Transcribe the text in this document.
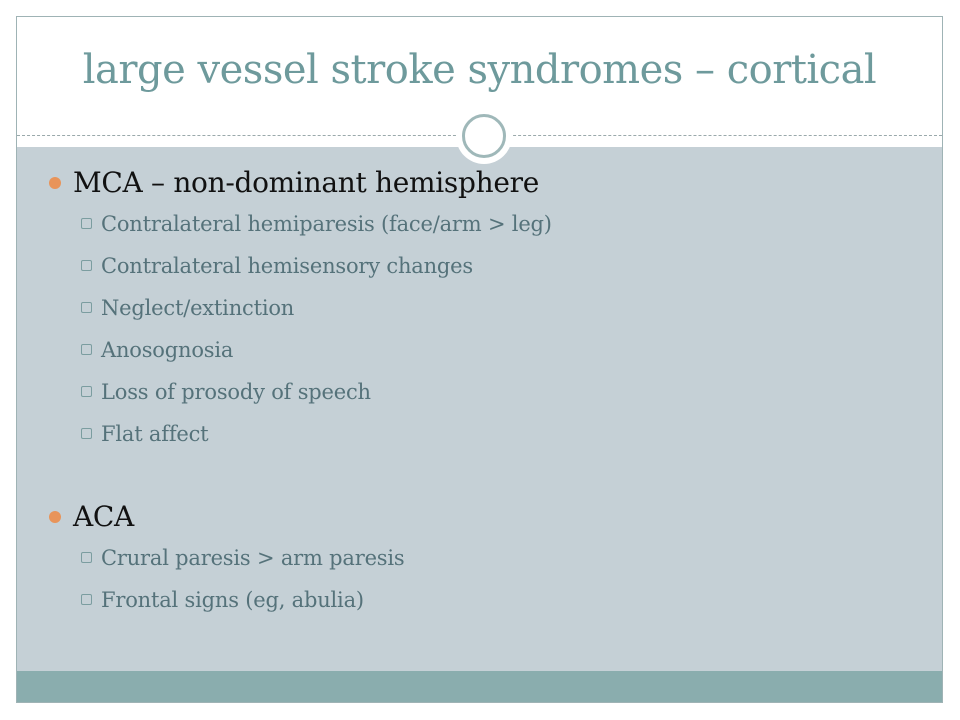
large vessel stroke syndromes – cortical
MCA – non-dominant hemisphere
Contralateral hemiparesis (face/arm > leg)
Contralateral hemisensory changes
Neglect/extinction
Anosognosia
Loss of prosody of speech
Flat affect
ACA
Crural paresis > arm paresis
Frontal signs (eg, abulia)
